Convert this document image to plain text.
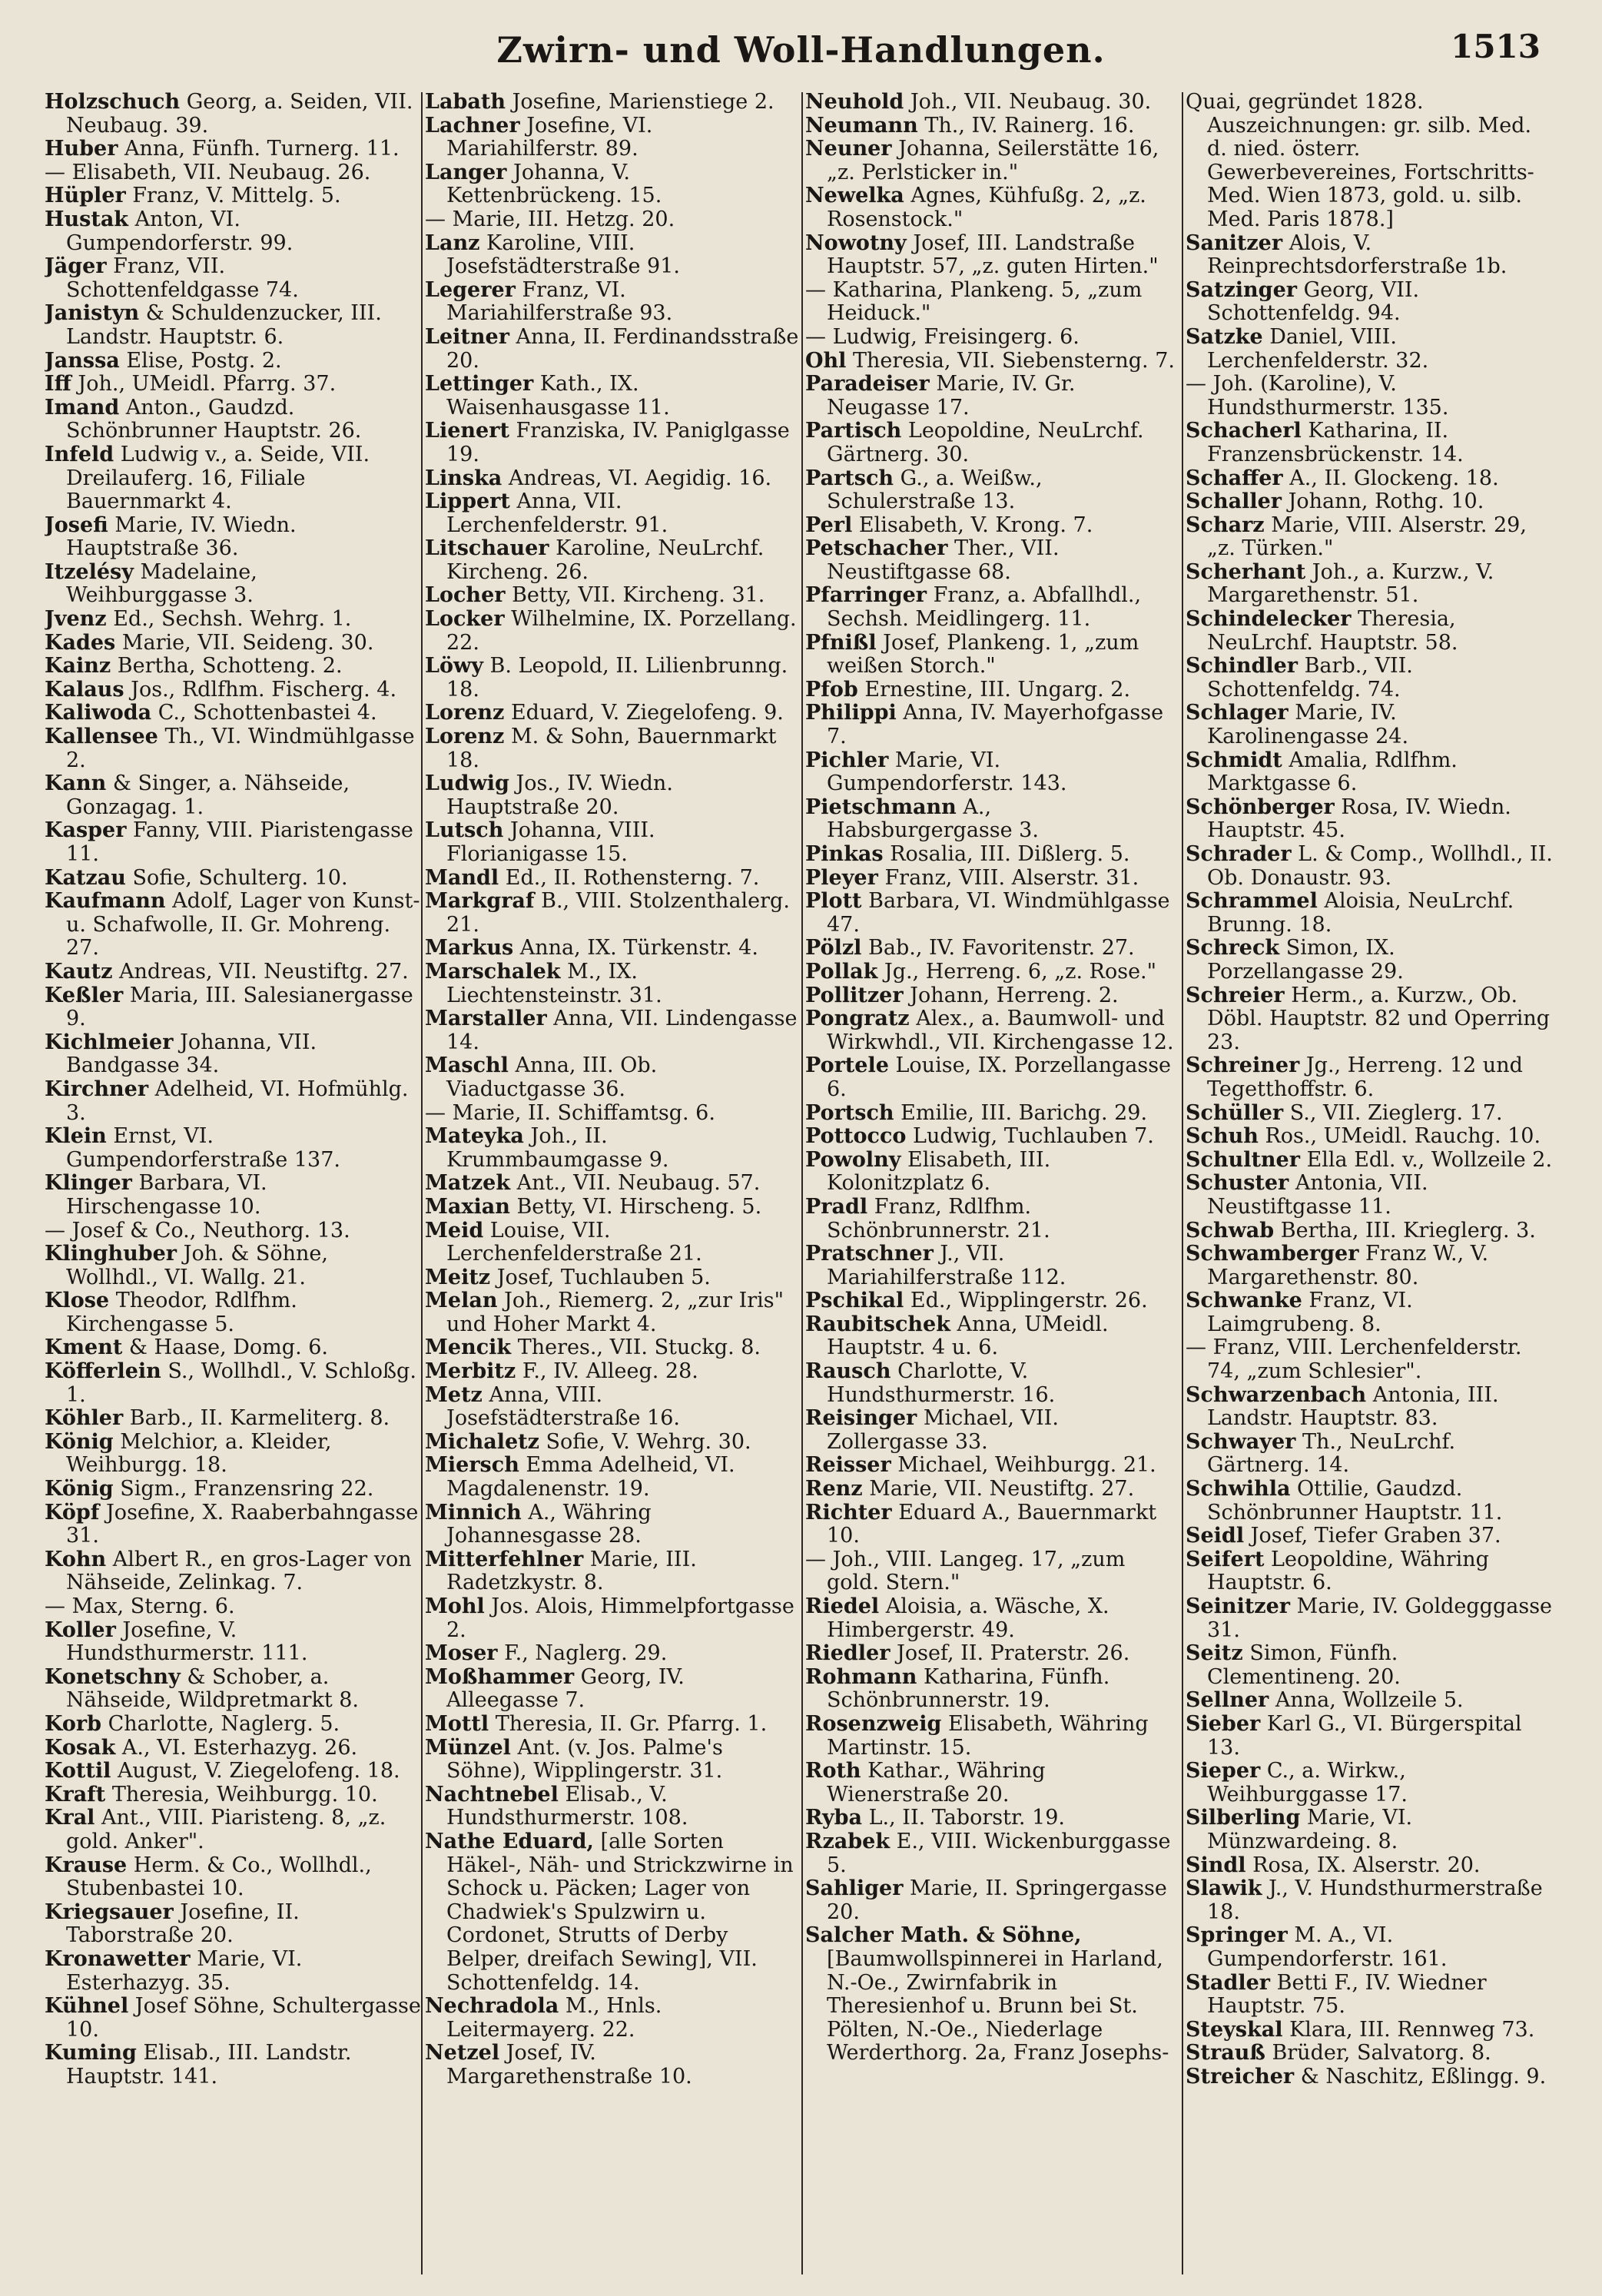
Zwirn- und Woll-Handlungen.	1513

Holzschuch Georg, a. Seiden, VII. Neubaug. 39.

Huber Anna, Fünfh. Turnerg. 11.

— Elisabeth, VII. Neubaug. 26.

Hüpler Franz, V. Mittelg. 5.

Hustak Anton, VI. Gumpendorferstr. 99.

Jäger Franz, VII. Schottenfeldgasse 74.

Janistyn & Schuldenzucker, III. Landstr. Hauptstr. 6.

Janssa Elise, Postg. 2.

Iff Joh., UMeidl. Pfarrg. 37.

Imand Anton., Gaudzd. Schönbrunner Hauptstr. 26.

Infeld Ludwig v., a. Seide, VII. Dreilauferg. 16, Filiale Bauernmarkt 4.

Josefi Marie, IV. Wiedn. Hauptstraße 36.

Itzelésy Madelaine, Weihburggasse 3.

Jvenz Ed., Sechsh. Wehrg. 1.

Kades Marie, VII. Seideng. 30.

Kainz Bertha, Schotteng. 2.

Kalaus Jos., Rdlfhm. Fischerg. 4.

Kaliwoda C., Schottenbastei 4.

Kallensee Th., VI. Windmühlgasse 2.

Kann & Singer, a. Nähseide, Gonzagag. 1.

Kasper Fanny, VIII. Piaristengasse 11.

Katzau Sofie, Schulterg. 10.

Kaufmann Adolf, Lager von Kunst- u. Schafwolle, II. Gr. Mohreng. 27.

Kautz Andreas, VII. Neustiftg. 27.

Keßler Maria, III. Salesianergasse 9.

Kichlmeier Johanna, VII. Bandgasse 34.

Kirchner Adelheid, VI. Hofmühlg. 3.

Klein Ernst, VI. Gumpendorferstraße 137.

Klinger Barbara, VI. Hirschengasse 10.

— Josef & Co., Neuthorg. 13.

Klinghuber Joh. & Söhne, Wollhdl., VI. Wallg. 21.

Klose Theodor, Rdlfhm. Kirchengasse 5.

Kment & Haase, Domg. 6.

Köfferlein S., Wollhdl., V. Schloßg. 1.

Köhler Barb., II. Karmeliterg. 8.

König Melchior, a. Kleider, Weihburgg. 18.

König Sigm., Franzensring 22.

Köpf Josefine, X. Raaberbahngasse 31.

Kohn Albert R., en gros-Lager von Nähseide, Zelinkag. 7.

— Max, Sterng. 6.

Koller Josefine, V. Hundsthurmerstr. 111.

Konetschny & Schober, a. Nähseide, Wildpretmarkt 8.

Korb Charlotte, Naglerg. 5.

Kosak A., VI. Esterhazyg. 26.

Kottil August, V. Ziegelofeng. 18.

Kraft Theresia, Weihburgg. 10.

Kral Ant., VIII. Piaristeng. 8, „z. gold. Anker".

Krause Herm. & Co., Wollhdl., Stubenbastei 10.

Kriegsauer Josefine, II. Taborstraße 20.

Kronawetter Marie, VI. Esterhazyg. 35.

Kühnel Josef Söhne, Schultergasse 10.

Kuming Elisab., III. Landstr. Hauptstr. 141.

Labath Josefine, Marienstiege 2.

Lachner Josefine, VI. Mariahilferstr. 89.

Langer Johanna, V. Kettenbrückeng. 15.

— Marie, III. Hetzg. 20.

Lanz Karoline, VIII. Josefstädterstraße 91.

Legerer Franz, VI. Mariahilferstraße 93.

Leitner Anna, II. Ferdinandsstraße 20.

Lettinger Kath., IX. Waisenhausgasse 11.

Lienert Franziska, IV. Paniglgasse 19.

Linska Andreas, VI. Aegidig. 16.

Lippert Anna, VII. Lerchenfelderstr. 91.

Litschauer Karoline, NeuLrchf. Kircheng. 26.

Locher Betty, VII. Kircheng. 31.

Locker Wilhelmine, IX. Porzellang. 22.

Löwy B. Leopold, II. Lilienbrunng. 18.

Lorenz Eduard, V. Ziegelofeng. 9.

Lorenz M. & Sohn, Bauernmarkt 18.

Ludwig Jos., IV. Wiedn. Hauptstraße 20.

Lutsch Johanna, VIII. Florianigasse 15.

Mandl Ed., II. Rothensterng. 7.

Markgraf B., VIII. Stolzenthalerg. 21.

Markus Anna, IX. Türkenstr. 4.

Marschalek M., IX. Liechtensteinstr. 31.

Marstaller Anna, VII. Lindengasse 14.

Maschl Anna, III. Ob. Viaductgasse 36.

— Marie, II. Schiffamtsg. 6.

Mateyka Joh., II. Krummbaumgasse 9.

Matzek Ant., VII. Neubaug. 57.

Maxian Betty, VI. Hirscheng. 5.

Meid Louise, VII. Lerchenfelderstraße 21.

Meitz Josef, Tuchlauben 5.

Melan Joh., Riemerg. 2, „zur Iris" und Hoher Markt 4.

Mencik Theres., VII. Stuckg. 8.

Merbitz F., IV. Alleeg. 28.

Metz Anna, VIII. Josefstädterstraße 16.

Michaletz Sofie, V. Wehrg. 30.

Miersch Emma Adelheid, VI. Magdalenenstr. 19.

Minnich A., Währing Johannesgasse 28.

Mitterfehlner Marie, III. Radetzkystr. 8.

Mohl Jos. Alois, Himmelpfortgasse 2.

Moser F., Naglerg. 29.

Moßhammer Georg, IV. Alleegasse 7.

Mottl Theresia, II. Gr. Pfarrg. 1.

Münzel Ant. (v. Jos. Palme's Söhne), Wipplingerstr. 31.

Nachtnebel Elisab., V. Hundsthurmerstr. 108.

Nathe Eduard, [alle Sorten Häkel-, Näh- und Strickzwirne in Schock u. Päcken; Lager von Chadwiek's Spulzwirn u. Cordonet, Strutts of Derby Belper, dreifach Sewing], VII. Schottenfeldg. 14.

Nechradola M., Hnls. Leitermayerg. 22.

Netzel Josef, IV. Margarethenstraße 10.

Neuhold Joh., VII. Neubaug. 30.

Neumann Th., IV. Rainerg. 16.

Neuner Johanna, Seilerstätte 16, „z. Perlsticker in."

Newelka Agnes, Kühfußg. 2, „z. Rosenstock."

Nowotny Josef, III. Landstraße Hauptstr. 57, „z. guten Hirten."

— Katharina, Plankeng. 5, „zum Heiduck."

— Ludwig, Freisingerg. 6.

Ohl Theresia, VII. Siebensterng. 7.

Paradeiser Marie, IV. Gr. Neugasse 17.

Partisch Leopoldine, NeuLrchf. Gärtnerg. 30.

Partsch G., a. Weißw., Schulerstraße 13.

Perl Elisabeth, V. Krong. 7.

Petschacher Ther., VII. Neustiftgasse 68.

Pfarringer Franz, a. Abfallhdl., Sechsh. Meidlingerg. 11.

Pfnißl Josef, Plankeng. 1, „zum weißen Storch."

Pfob Ernestine, III. Ungarg. 2.

Philippi Anna, IV. Mayerhofgasse 7.

Pichler Marie, VI. Gumpendorferstr. 143.

Pietschmann A., Habsburgergasse 3.

Pinkas Rosalia, III. Dißlerg. 5.

Pleyer Franz, VIII. Alserstr. 31.

Plott Barbara, VI. Windmühlgasse 47.

Pölzl Bab., IV. Favoritenstr. 27.

Pollak Jg., Herreng. 6, „z. Rose."

Pollitzer Johann, Herreng. 2.

Pongratz Alex., a. Baumwoll- und Wirkwhdl., VII. Kirchengasse 12.

Portele Louise, IX. Porzellangasse 6.

Portsch Emilie, III. Barichg. 29.

Pottocco Ludwig, Tuchlauben 7.

Powolny Elisabeth, III. Kolonitzplatz 6.

Pradl Franz, Rdlfhm. Schönbrunnerstr. 21.

Pratschner J., VII. Mariahilferstraße 112.

Pschikal Ed., Wipplingerstr. 26.

Raubitschek Anna, UMeidl. Hauptstr. 4 u. 6.

Rausch Charlotte, V. Hundsthurmerstr. 16.

Reisinger Michael, VII. Zollergasse 33.

Reisser Michael, Weihburgg. 21.

Renz Marie, VII. Neustiftg. 27.

Richter Eduard A., Bauernmarkt 10.

— Joh., VIII. Langeg. 17, „zum gold. Stern."

Riedel Aloisia, a. Wäsche, X. Himbergerstr. 49.

Riedler Josef, II. Praterstr. 26.

Rohmann Katharina, Fünfh. Schönbrunnerstr. 19.

Rosenzweig Elisabeth, Währing Martinstr. 15.

Roth Kathar., Währing Wienerstraße 20.

Ryba L., II. Taborstr. 19.

Rzabek E., VIII. Wickenburggasse 5.

Sahliger Marie, II. Springergasse 20.

Salcher Math. & Söhne, [Baumwollspinnerei in Harland, N.-Oe., Zwirnfabrik in Theresienhof u. Brunn bei St. Pölten, N.-Oe., Niederlage Werderthorg. 2a, Franz Josephs-

Quai, gegründet 1828. Auszeichnungen: gr. silb. Med. d. nied. österr. Gewerbevereines, Fortschritts-Med. Wien 1873, gold. u. silb. Med. Paris 1878.]

Sanitzer Alois, V. Reinprechtsdorferstraße 1b.

Satzinger Georg, VII. Schottenfeldg. 94.

Satzke Daniel, VIII. Lerchenfelderstr. 32.

— Joh. (Karoline), V. Hundsthurmerstr. 135.

Schacherl Katharina, II. Franzensbrückenstr. 14.

Schaffer A., II. Glockeng. 18.

Schaller Johann, Rothg. 10.

Scharz Marie, VIII. Alserstr. 29, „z. Türken."

Scherhant Joh., a. Kurzw., V. Margarethenstr. 51.

Schindelecker Theresia, NeuLrchf. Hauptstr. 58.

Schindler Barb., VII. Schottenfeldg. 74.

Schlager Marie, IV. Karolinengasse 24.

Schmidt Amalia, Rdlfhm. Marktgasse 6.

Schönberger Rosa, IV. Wiedn. Hauptstr. 45.

Schrader L. & Comp., Wollhdl., II. Ob. Donaustr. 93.

Schrammel Aloisia, NeuLrchf. Brunng. 18.

Schreck Simon, IX. Porzellangasse 29.

Schreier Herm., a. Kurzw., Ob. Döbl. Hauptstr. 82 und Operring 23.

Schreiner Jg., Herreng. 12 und Tegetthoffstr. 6.

Schüller S., VII. Zieglerg. 17.

Schuh Ros., UMeidl. Rauchg. 10.

Schultner Ella Edl. v., Wollzeile 2.

Schuster Antonia, VII. Neustiftgasse 11.

Schwab Bertha, III. Krieglerg. 3.

Schwamberger Franz W., V. Margarethenstr. 80.

Schwanke Franz, VI. Laimgrubeng. 8.

— Franz, VIII. Lerchenfelderstr. 74, „zum Schlesier".

Schwarzenbach Antonia, III. Landstr. Hauptstr. 83.

Schwayer Th., NeuLrchf. Gärtnerg. 14.

Schwihla Ottilie, Gaudzd. Schönbrunner Hauptstr. 11.

Seidl Josef, Tiefer Graben 37.

Seifert Leopoldine, Währing Hauptstr. 6.

Seinitzer Marie, IV. Goldegggasse 31.

Seitz Simon, Fünfh. Clementineng. 20.

Sellner Anna, Wollzeile 5.

Sieber Karl G., VI. Bürgerspital 13.

Sieper C., a. Wirkw., Weihburggasse 17.

Silberling Marie, VI. Münzwardeing. 8.

Sindl Rosa, IX. Alserstr. 20.

Slawik J., V. Hundsthurmerstraße 18.

Springer M. A., VI. Gumpendorferstr. 161.

Stadler Betti F., IV. Wiedner Hauptstr. 75.

Steyskal Klara, III. Rennweg 73.

Strauß Brüder, Salvatorg. 8.

Streicher & Naschitz, Eßlingg. 9.
